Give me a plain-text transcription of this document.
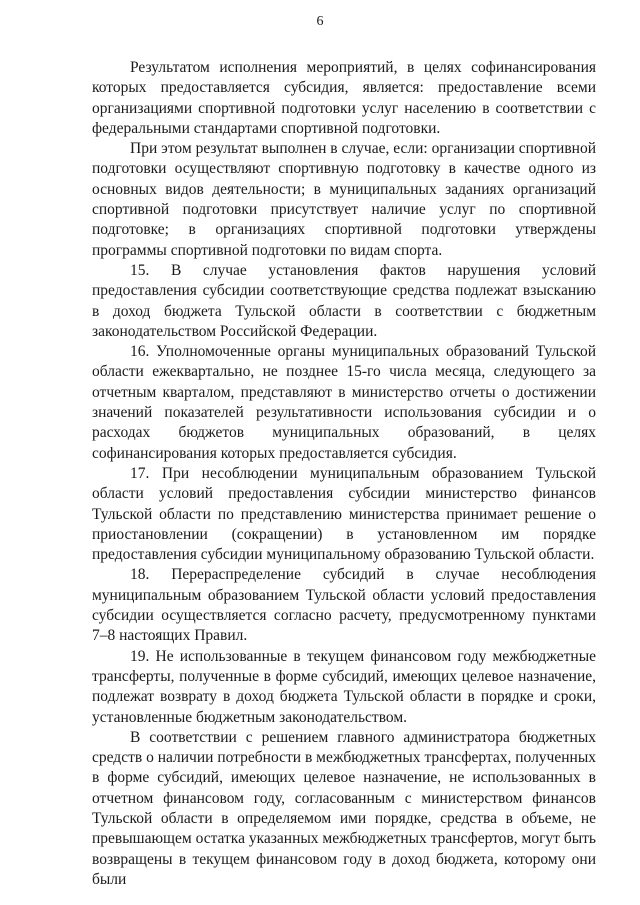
6

Результатом исполнения мероприятий, в целях софинансирования которых предоставляется субсидия, является: предоставление всеми организациями спортивной подготовки услуг населению в соответствии с федеральными стандартами спортивной подготовки.

При этом результат выполнен в случае, если: организации спортивной подготовки осуществляют спортивную подготовку в качестве одного из основных видов деятельности; в муниципальных заданиях организаций спортивной подготовки присутствует наличие услуг по спортивной подготовке; в организациях спортивной подготовки утверждены программы спортивной подготовки по видам спорта.

15. В случае установления фактов нарушения условий предоставления субсидии соответствующие средства подлежат взысканию в доход бюджета Тульской области в соответствии с бюджетным законодательством Российской Федерации.

16. Уполномоченные органы муниципальных образований Тульской области ежеквартально, не позднее 15-го числа месяца, следующего за отчетным кварталом, представляют в министерство отчеты о достижении значений показателей результативности использования субсидии и о расходах бюджетов муниципальных образований, в целях софинансирования которых предоставляется субсидия.

17. При несоблюдении муниципальным образованием Тульской области условий предоставления субсидии министерство финансов Тульской области по представлению министерства принимает решение о приостановлении (сокращении) в установленном им порядке предоставления субсидии муниципальному образованию Тульской области.

18. Перераспределение субсидий в случае несоблюдения муниципальным образованием Тульской области условий предоставления субсидии осуществляется согласно расчету, предусмотренному пунктами 7–8 настоящих Правил.

19. Не использованные в текущем финансовом году межбюджетные трансферты, полученные в форме субсидий, имеющих целевое назначение, подлежат возврату в доход бюджета Тульской области в порядке и сроки, установленные бюджетным законодательством.

В соответствии с решением главного администратора бюджетных средств о наличии потребности в межбюджетных трансфертах, полученных в форме субсидий, имеющих целевое назначение, не использованных в отчетном финансовом году, согласованным с министерством финансов Тульской области в определяемом ими порядке, средства в объеме, не превышающем остатка указанных межбюджетных трансфертов, могут быть возвращены в текущем финансовом году в доход бюджета, которому они были
